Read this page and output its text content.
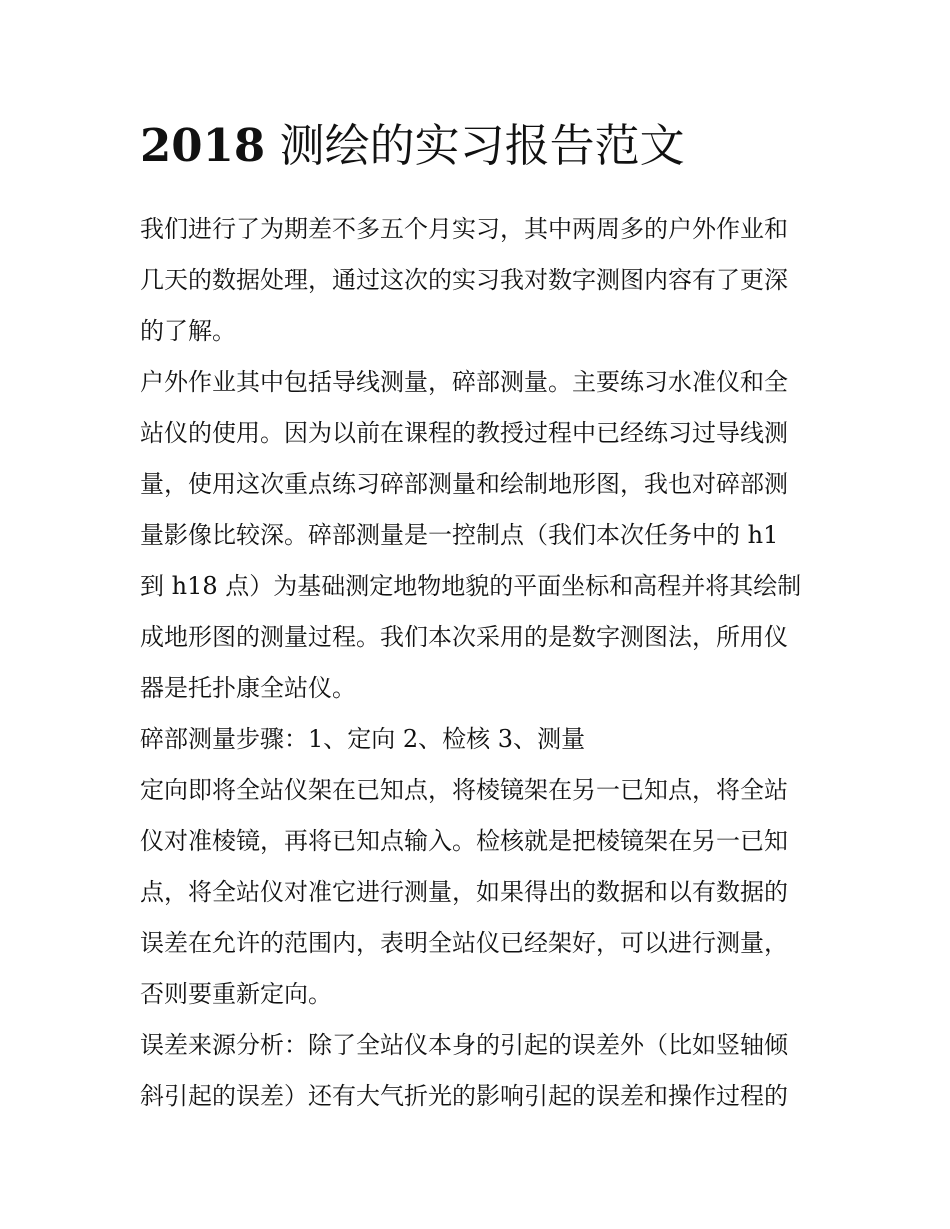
2018 测绘的实习报告范文

我们进行了为期差不多五个月实习，其中两周多的户外作业和

几天的数据处理，通过这次的实习我对数字测图内容有了更深

的了解。

户外作业其中包括导线测量，碎部测量。主要练习水准仪和全

站仪的使用。因为以前在课程的教授过程中已经练习过导线测

量，使用这次重点练习碎部测量和绘制地形图，我也对碎部测

量影像比较深。碎部测量是一控制点（我们本次任务中的 h1

到 h18 点）为基础测定地物地貌的平面坐标和高程并将其绘制

成地形图的测量过程。我们本次采用的是数字测图法，所用仪

器是托扑康全站仪。

碎部测量步骤：1、定向 2、检核 3、测量

定向即将全站仪架在已知点，将棱镜架在另一已知点，将全站

仪对准棱镜，再将已知点输入。检核就是把棱镜架在另一已知

点，将全站仪对准它进行测量，如果得出的数据和以有数据的

误差在允许的范围内，表明全站仪已经架好，可以进行测量，

否则要重新定向。

误差来源分析：除了全站仪本身的引起的误差外（比如竖轴倾

斜引起的误差）还有大气折光的影响引起的误差和操作过程的
